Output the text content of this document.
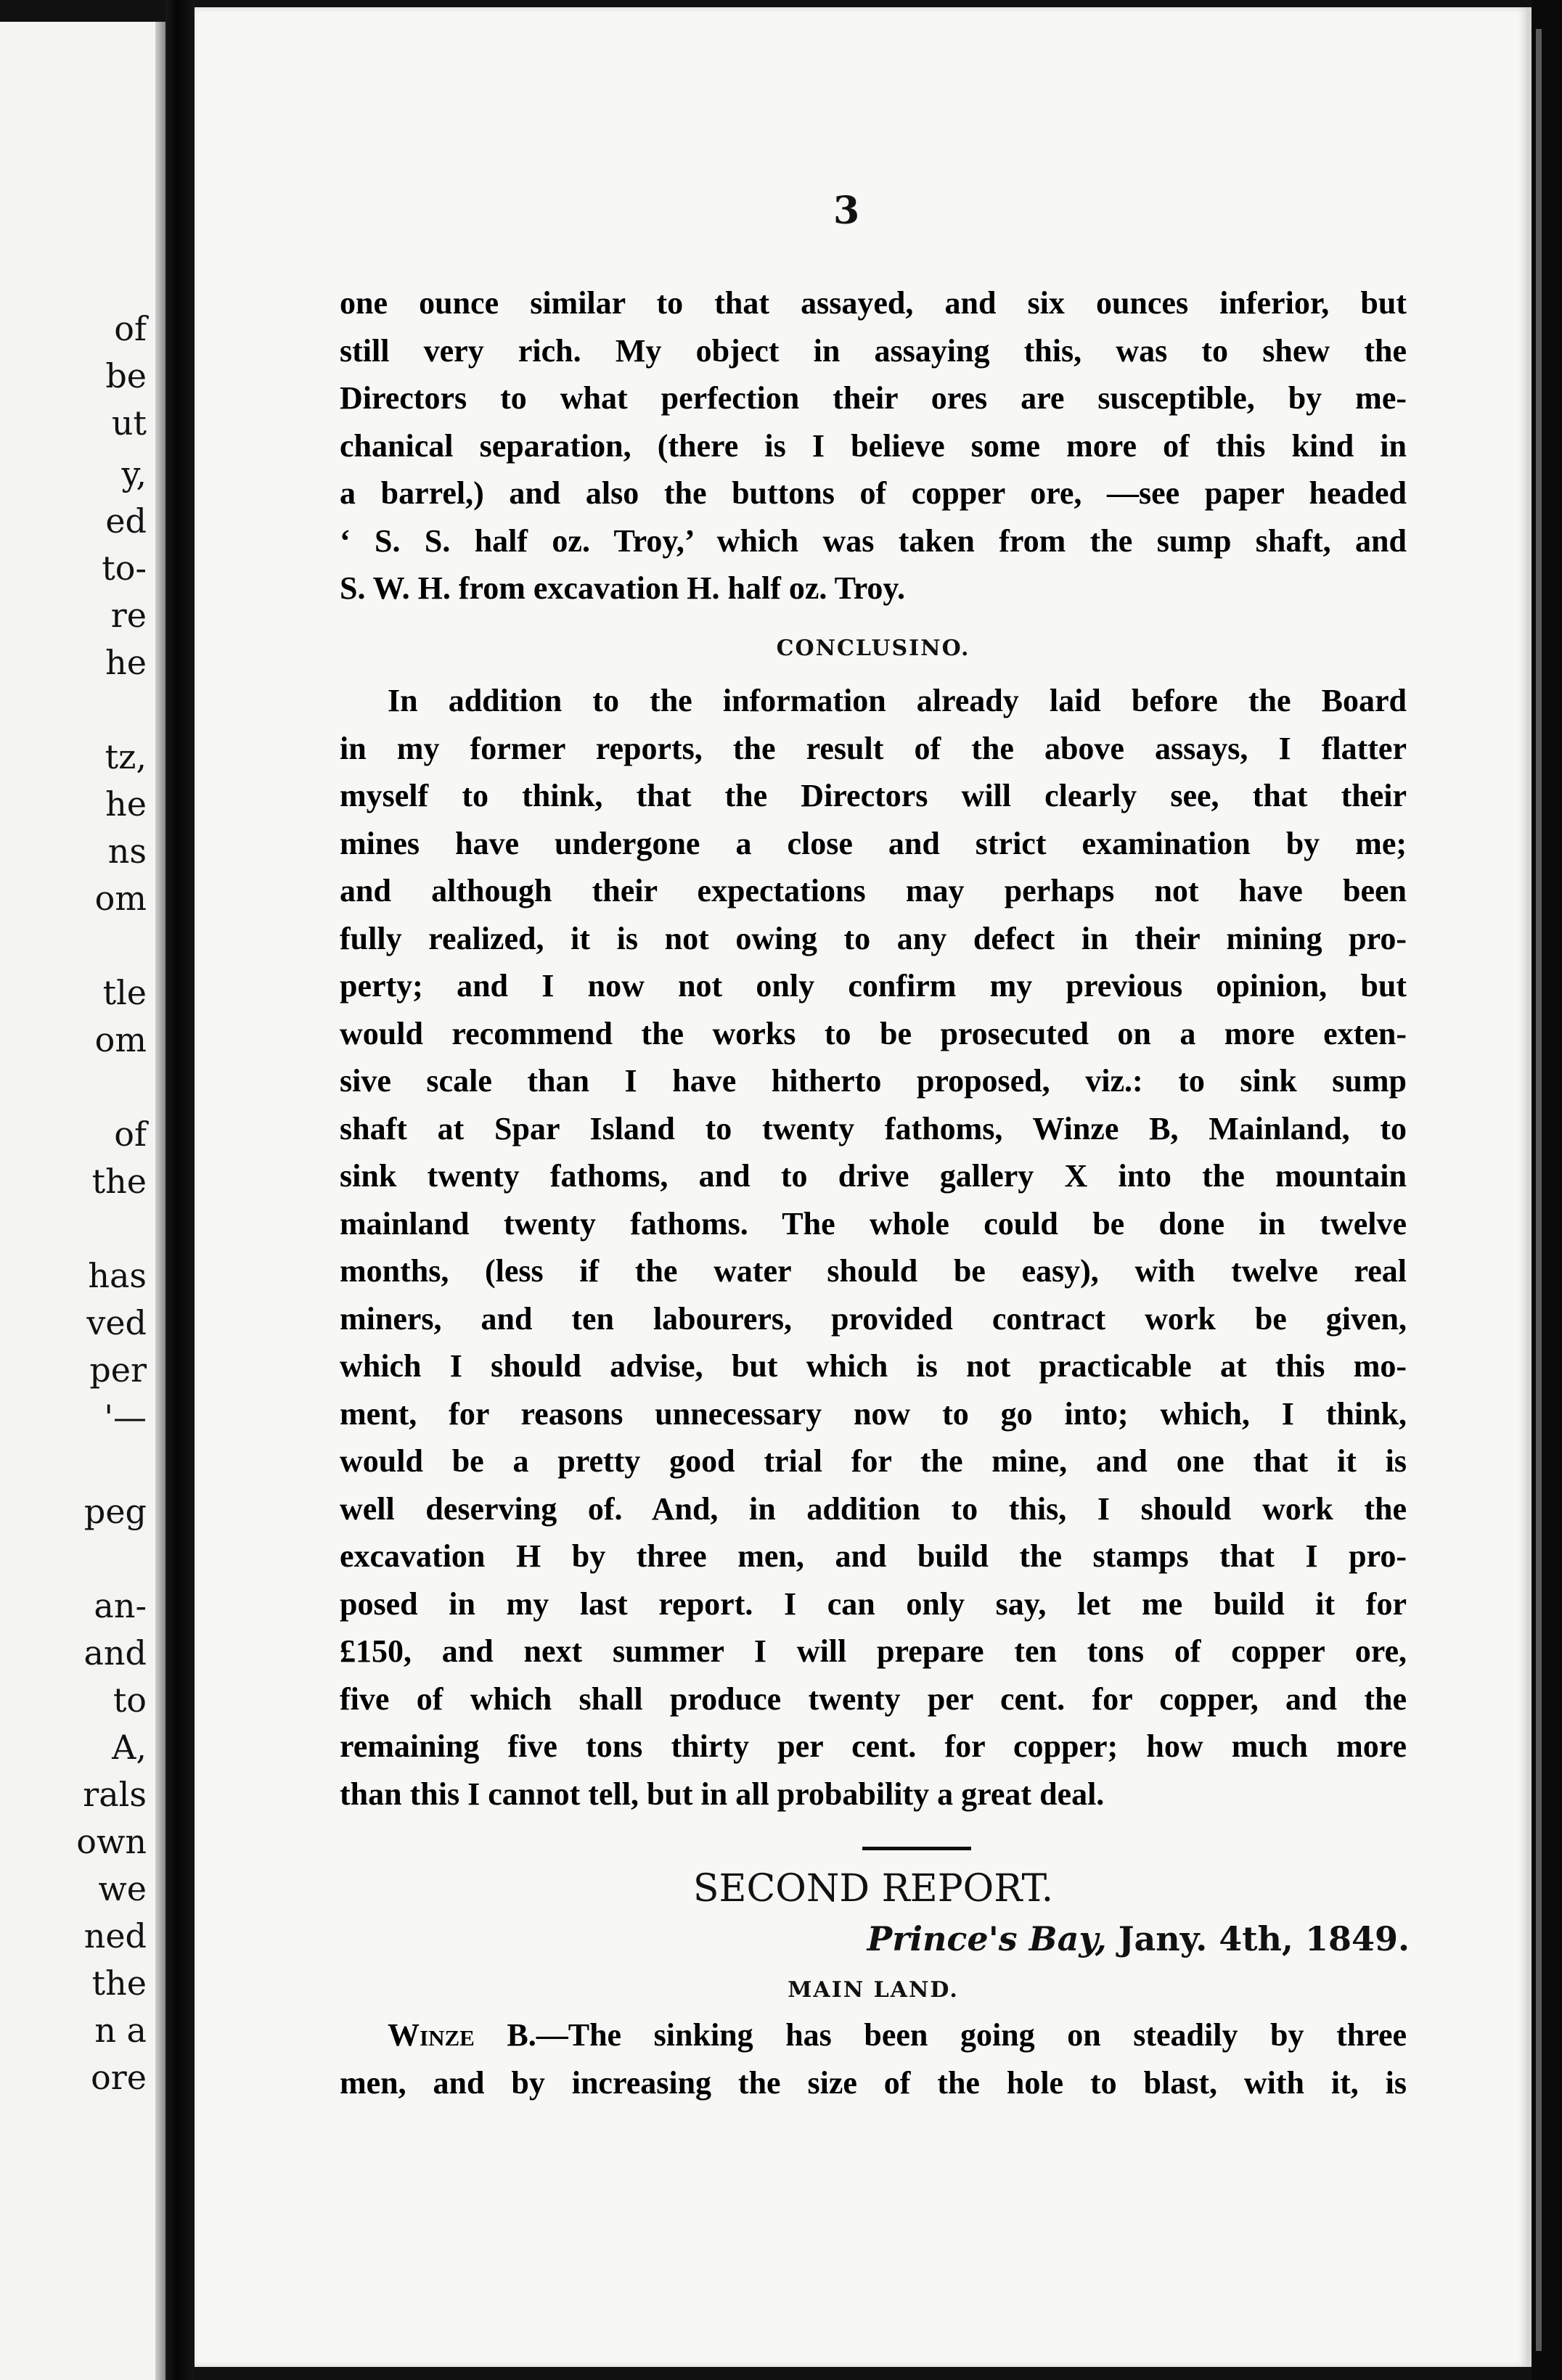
of
be
ut
y,
ed
to-
re
he
tz,
he
ns
om
tle
om
of
the
has
ved
per
'—
peg
an-
and
to
A,
rals
own
we
ned
the
n a
ore
3
one ounce similar to that assayed, and six ounces inferior, but
still very rich. My object in assaying this, was to shew the
Directors to what perfection their ores are susceptible, by me-
chanical separation, (there is I believe some more of this kind in
a barrel,) and also the buttons of copper ore, —see paper headed
‘ S. S. half oz. Troy,’ which was taken from the sump shaft, and
S. W. H. from excavation H. half oz. Troy.
CONCLUSINO.
In addition to the information already laid before the Board
in my former reports, the result of the above assays, I flatter
myself to think, that the Directors will clearly see, that their
mines have undergone a close and strict examination by me;
and although their expectations may perhaps not have been
fully realized, it is not owing to any defect in their mining pro-
perty; and I now not only confirm my previous opinion, but
would recommend the works to be prosecuted on a more exten-
sive scale than I have hitherto proposed, viz.: to sink sump
shaft at Spar Island to twenty fathoms, Winze B, Mainland, to
sink twenty fathoms, and to drive gallery X into the mountain
mainland twenty fathoms. The whole could be done in twelve
months, (less if the water should be easy), with twelve real
miners, and ten labourers, provided contract work be given,
which I should advise, but which is not practicable at this mo-
ment, for reasons unnecessary now to go into; which, I think,
would be a pretty good trial for the mine, and one that it is
well deserving of. And, in addition to this, I should work the
excavation H by three men, and build the stamps that I pro-
posed in my last report. I can only say, let me build it for
£150, and next summer I will prepare ten tons of copper ore,
five of which shall produce twenty per cent. for copper, and the
remaining five tons thirty per cent. for copper; how much more
than this I cannot tell, but in all probability a great deal.
SECOND REPORT.
Prince's Bay, Jany. 4th, 1849.
MAIN LAND.
Winze B.—The sinking has been going on steadily by three
men, and by increasing the size of the hole to blast, with it, is
